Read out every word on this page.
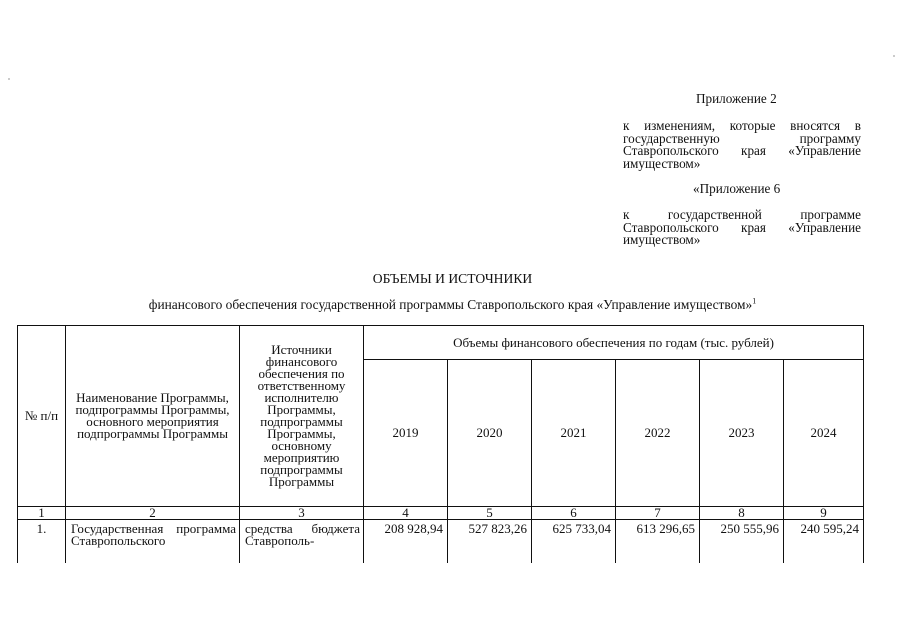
Приложение 2
к изменениям, которые вносятся в государственную программу Ставропольского края «Управление имуществом»
«Приложение 6
к государственной программе Ставропольского края «Управление имуществом»
ОБЪЕМЫ И ИСТОЧНИКИ
финансового обеспечения государственной программы Ставропольского края «Управление имуществом»$^1$
№ п/п	Наименование Программы, подпрограммы Программы, основного мероприятия подпрограммы Программы	Источники финансового обеспечения по ответственному исполнителю Программы, подпрограммы Программы, основному мероприятию подпрограммы Программы	Объемы финансового обеспечения по годам (тыс. рублей)					
			2019	2020	2021	2022	2023	2024
1	2	3	4	5	6	7	8	9
1.	Государственная программа Ставропольского	средства бюджета Ставрополь-	208 928,94	527 823,26	625 733,04	613 296,65	250 555,96	240 595,24
